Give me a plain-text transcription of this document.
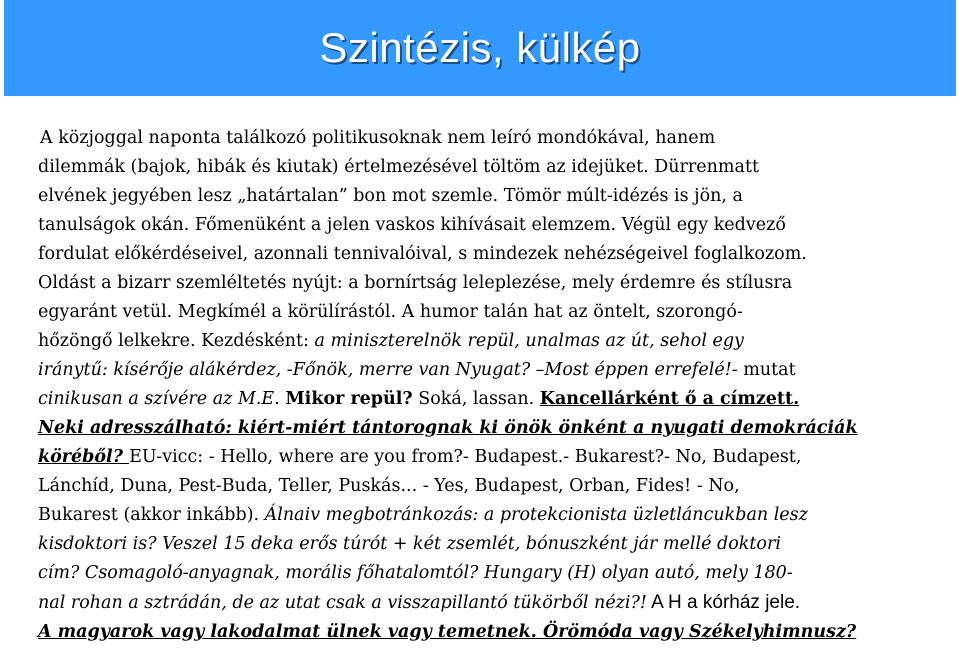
Szintézis, külkép
A közjoggal naponta találkozó politikusoknak nem leíró mondókával, hanem
dilemmák (bajok, hibák és kiutak) értelmezésével töltöm az idejüket. Dürrenmatt
elvének jegyében lesz „határtalan” bon mot szemle. Tömör múlt-idézés is jön, a
tanulságok okán. Főmenüként a jelen vaskos kihívásait elemzem. Végül egy kedvező
fordulat előkérdéseivel, azonnali tennivalóival, s mindezek nehézségeivel foglalkozom.
Oldást a bizarr szemléltetés nyújt: a bornírtság leleplezése, mely érdemre és stílusra
egyaránt vetül. Megkímél a körülírástól. A humor talán hat az öntelt, szorongó-
hőzöngő lelkekre. Kezdésként: a miniszterelnök repül, unalmas az út, sehol egy
iránytű: kísérője alákérdez, -Főnök, merre van Nyugat? –Most éppen errefelé!- mutat
cinikusan a szívére az M.E. Mikor repül? Soká, lassan. Kancellárként ő a címzett.
Neki adresszálható: kiért-miért tántorognak ki önök önként a nyugati demokráciák
köréből? EU-vicc: - Hello, where are you from?- Budapest.- Bukarest?- No, Budapest,
Lánchíd, Duna, Pest-Buda, Teller, Puskás... - Yes, Budapest, Orban, Fides! - No,
Bukarest (akkor inkább). Álnaiv megbotránkozás: a protekcionista üzletláncukban lesz
kisdoktori is? Veszel 15 deka erős túrót + két zsemlét, bónuszként jár mellé doktori
cím? Csomagoló-anyagnak, morális főhatalomtól? Hungary (H) olyan autó, mely 180-
nal rohan a sztrádán, de az utat csak a visszapillantó tükörből nézi?! A H a kórház jele.
A magyarok vagy lakodalmat ülnek vagy temetnek. Örömóda vagy Székelyhimnusz?
